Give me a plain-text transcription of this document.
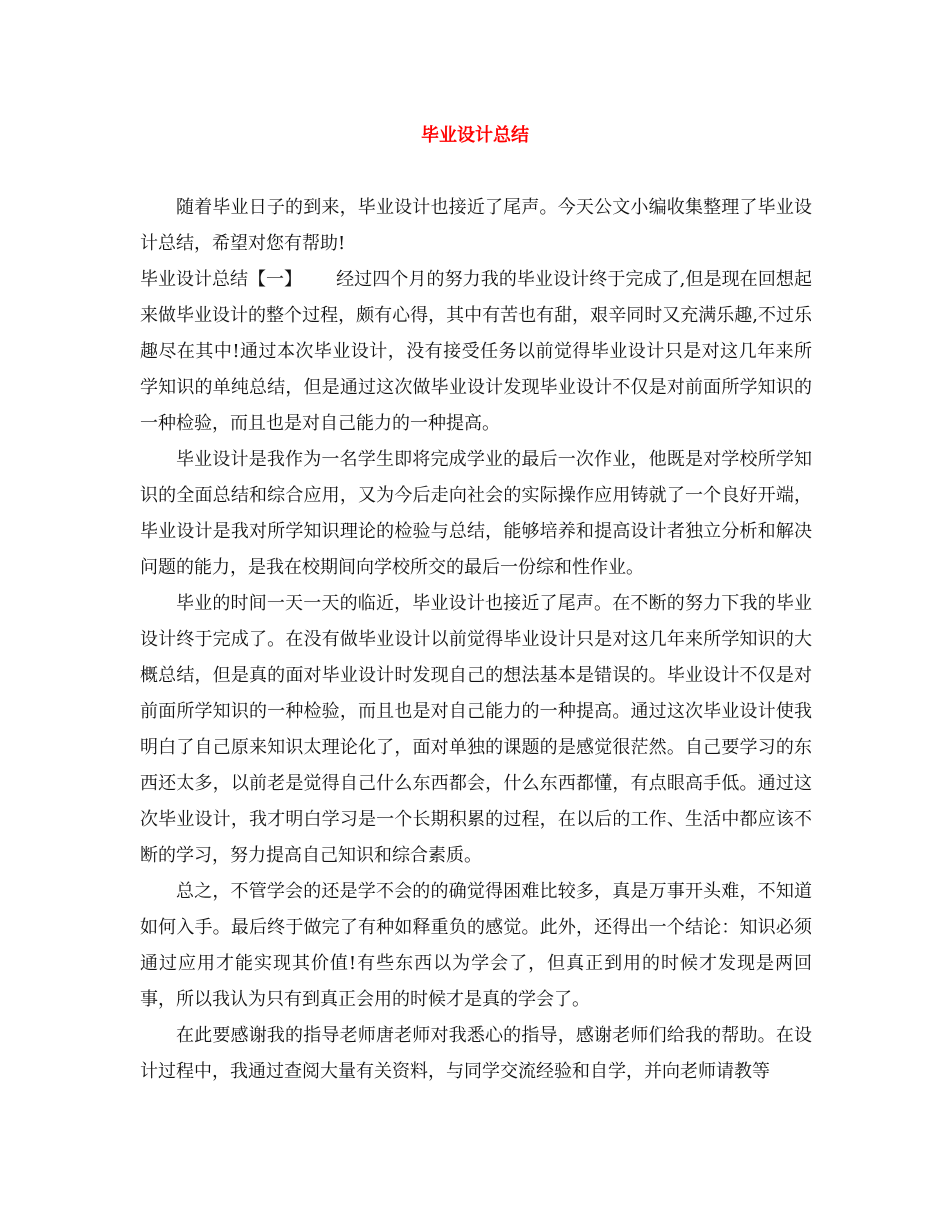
毕业设计总结

随着毕业日子的到来，毕业设计也接近了尾声。今天公文小编收集整理了毕业设计总结，希望对您有帮助!

毕业设计总结【一】 经过四个月的努力我的毕业设计终于完成了,但是现在回想起来做毕业设计的整个过程，颇有心得，其中有苦也有甜，艰辛同时又充满乐趣,不过乐趣尽在其中!通过本次毕业设计，没有接受任务以前觉得毕业设计只是对这几年来所学知识的单纯总结，但是通过这次做毕业设计发现毕业设计不仅是对前面所学知识的一种检验，而且也是对自己能力的一种提高。

毕业设计是我作为一名学生即将完成学业的最后一次作业，他既是对学校所学知识的全面总结和综合应用，又为今后走向社会的实际操作应用铸就了一个良好开端，毕业设计是我对所学知识理论的检验与总结，能够培养和提高设计者独立分析和解决问题的能力，是我在校期间向学校所交的最后一份综和性作业。

毕业的时间一天一天的临近，毕业设计也接近了尾声。在不断的努力下我的毕业设计终于完成了。在没有做毕业设计以前觉得毕业设计只是对这几年来所学知识的大概总结，但是真的面对毕业设计时发现自己的想法基本是错误的。毕业设计不仅是对前面所学知识的一种检验，而且也是对自己能力的一种提高。通过这次毕业设计使我明白了自己原来知识太理论化了，面对单独的课题的是感觉很茫然。自己要学习的东西还太多，以前老是觉得自己什么东西都会，什么东西都懂，有点眼高手低。通过这次毕业设计，我才明白学习是一个长期积累的过程，在以后的工作、生活中都应该不断的学习，努力提高自己知识和综合素质。

总之，不管学会的还是学不会的的确觉得困难比较多，真是万事开头难，不知道如何入手。最后终于做完了有种如释重负的感觉。此外，还得出一个结论：知识必须通过应用才能实现其价值!有些东西以为学会了，但真正到用的时候才发现是两回事，所以我认为只有到真正会用的时候才是真的学会了。

在此要感谢我的指导老师唐老师对我悉心的指导，感谢老师们给我的帮助。在设计过程中，我通过查阅大量有关资料，与同学交流经验和自学，并向老师请教等
